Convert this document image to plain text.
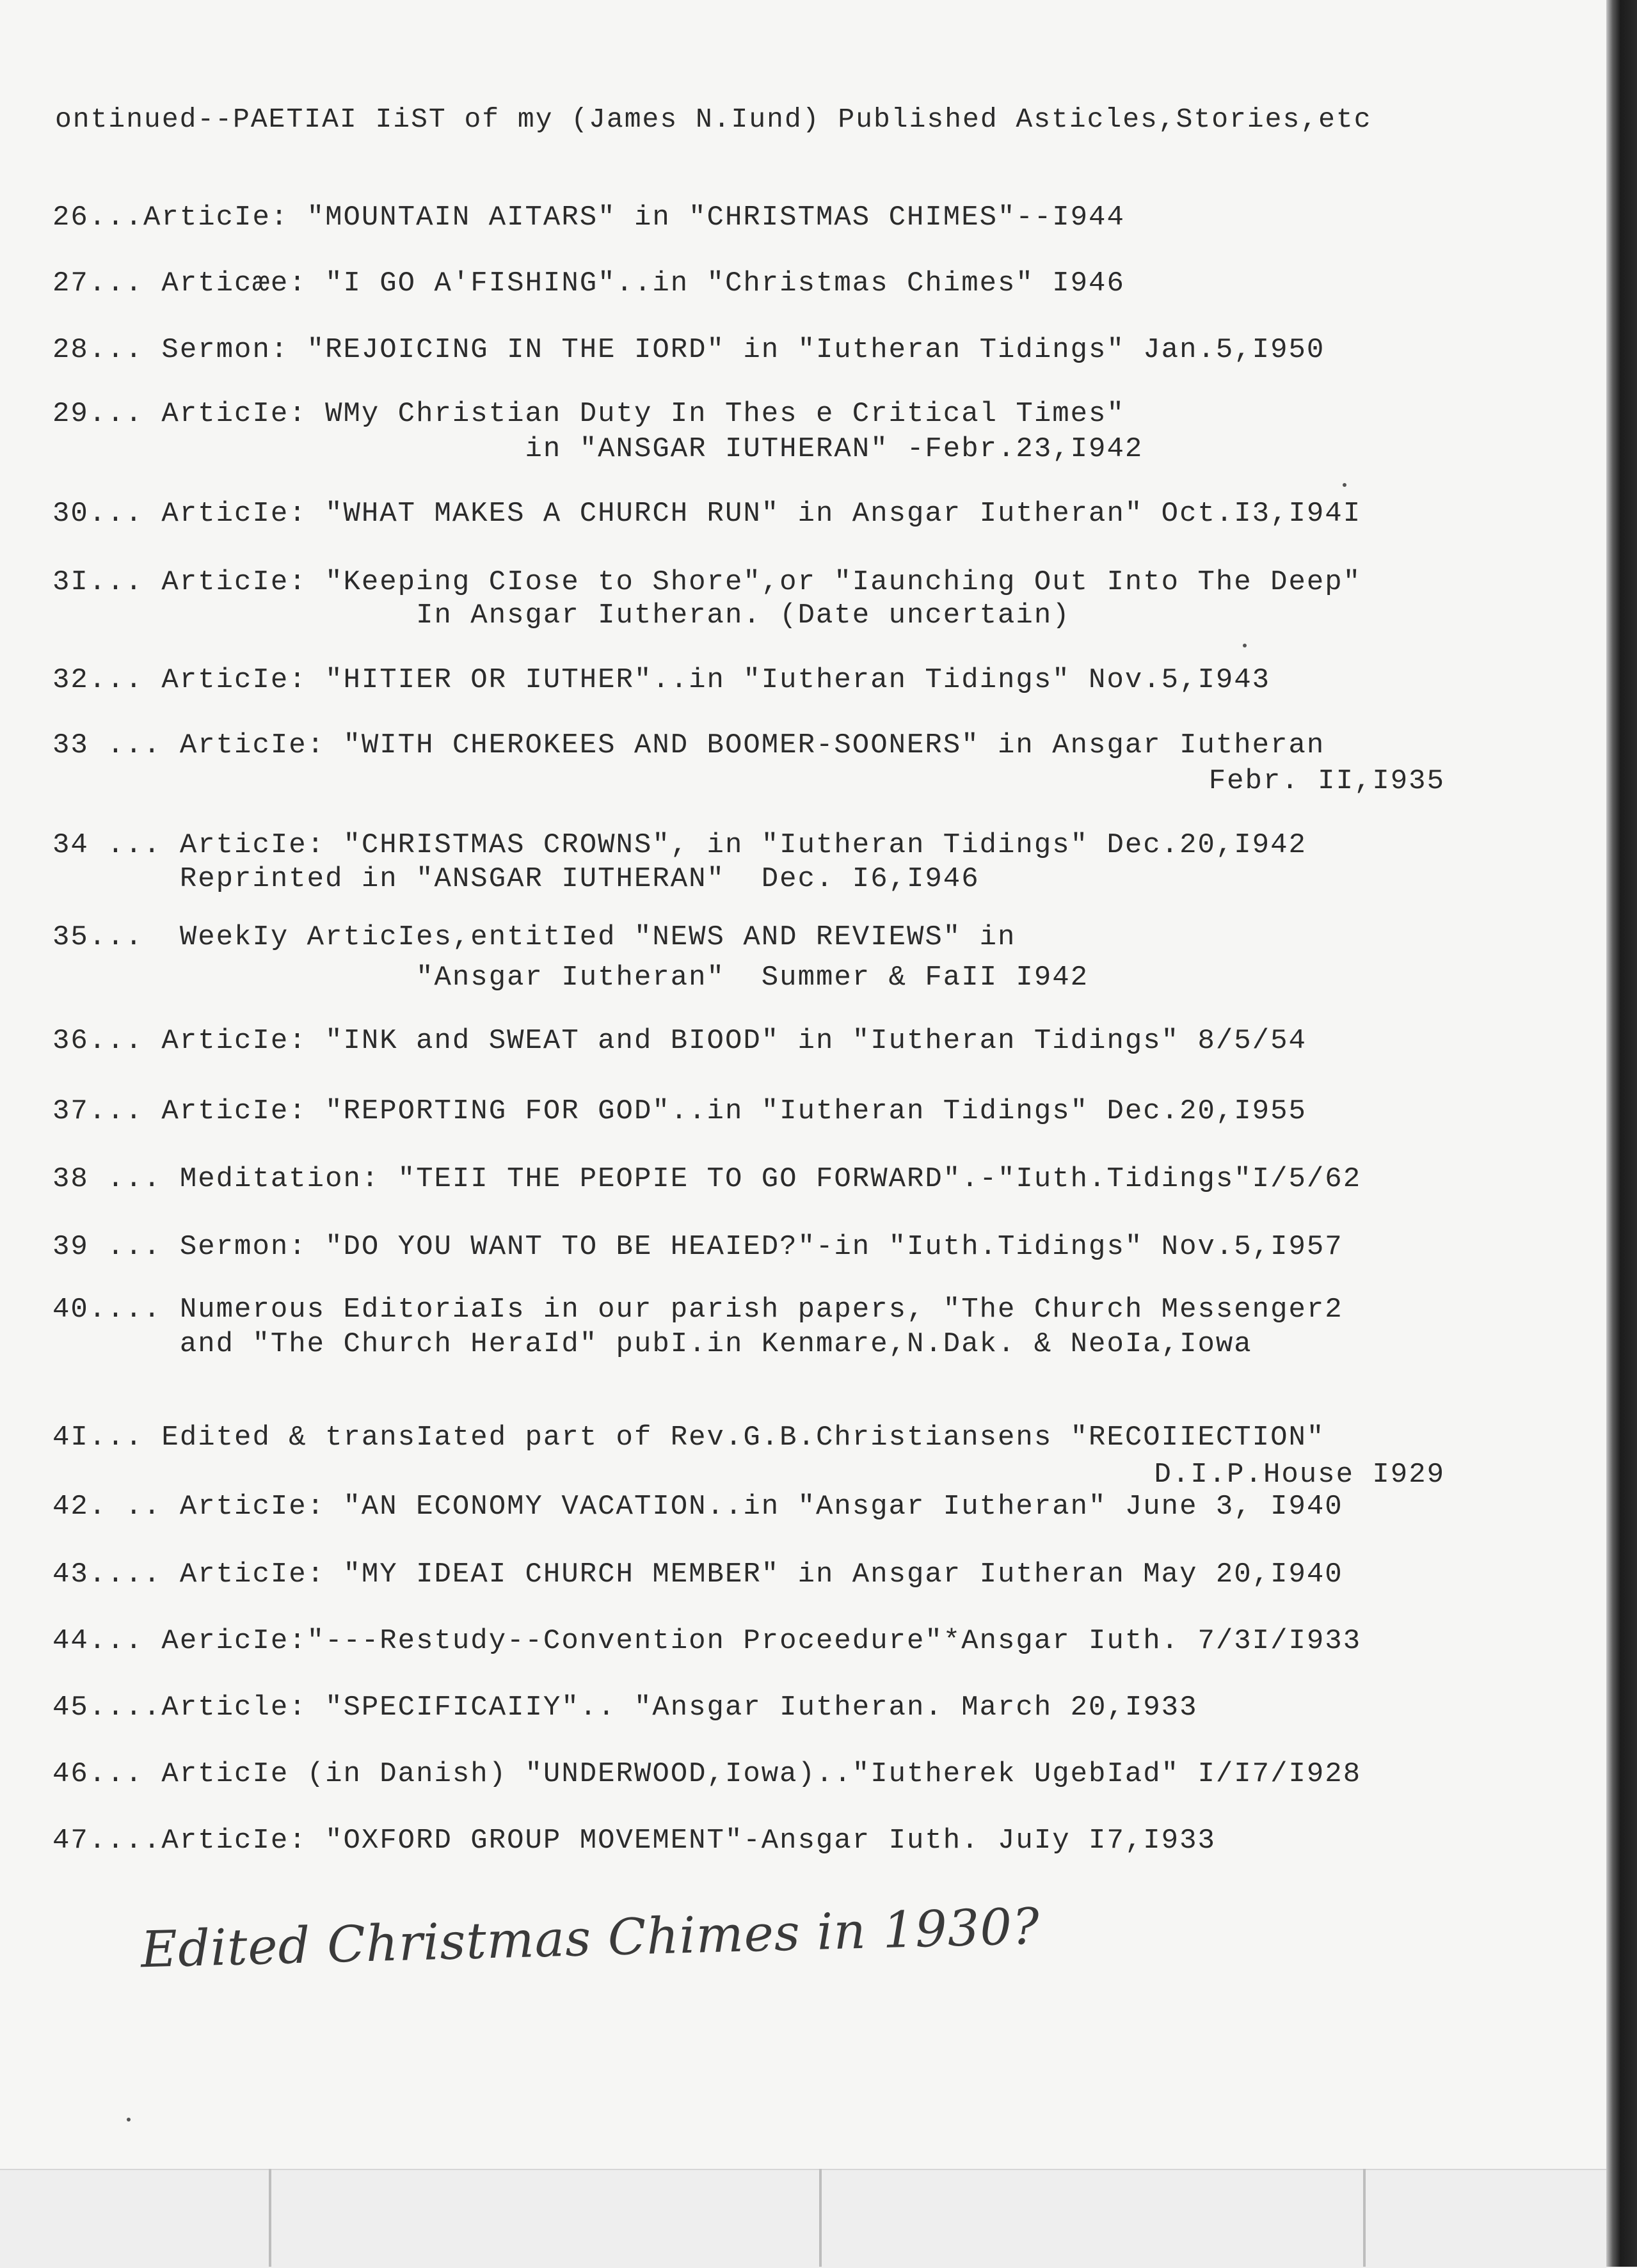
ontinued--PAETIAI IiST of my (James N.Iund) Published Asticles,Stories,etc
26...ArticIe: "MOUNTAIN AITARS" in "CHRISTMAS CHIMES"--I944
27... Articæe: "I GO A'FISHING"..in "Christmas Chimes" I946
28... Sermon: "REJOICING IN THE IORD" in "Iutheran Tidings" Jan.5,I950
29... ArticIe: WMy Christian Duty In Thes e Critical Times"
in "ANSGAR IUTHERAN" -Febr.23,I942
30... ArticIe: "WHAT MAKES A CHURCH RUN" in Ansgar Iutheran" Oct.I3,I94I
3I... ArticIe: "Keeping CIose to Shore",or "Iaunching Out Into The Deep"
In Ansgar Iutheran. (Date uncertain)
32... ArticIe: "HITIER OR IUTHER"..in "Iutheran Tidings" Nov.5,I943
33 ... ArticIe: "WITH CHEROKEES AND BOOMER-SOONERS" in Ansgar Iutheran
Febr. II,I935
34 ... ArticIe: "CHRISTMAS CROWNS", in "Iutheran Tidings" Dec.20,I942
Reprinted in "ANSGAR IUTHERAN"  Dec. I6,I946
35...  WeekIy ArticIes,entitIed "NEWS AND REVIEWS" in
"Ansgar Iutheran"  Summer & FaII I942
36... ArticIe: "INK and SWEAT and BIOOD" in "Iutheran Tidings" 8/5/54
37... ArticIe: "REPORTING FOR GOD"..in "Iutheran Tidings" Dec.20,I955
38 ... Meditation: "TEII THE PEOPIE TO GO FORWARD".-"Iuth.Tidings"I/5/62
39 ... Sermon: "DO YOU WANT TO BE HEAIED?"-in "Iuth.Tidings" Nov.5,I957
40.... Numerous EditoriaIs in our parish papers, "The Church Messenger2
and "The Church HeraId" pubI.in Kenmare,N.Dak. & NeoIa,Iowa
4I... Edited & transIated part of Rev.G.B.Christiansens "RECOIIECTION"
D.I.P.House I929
42. .. ArticIe: "AN ECONOMY VACATION..in "Ansgar Iutheran" June 3, I940
43.... ArticIe: "MY IDEAI CHURCH MEMBER" in Ansgar Iutheran May 20,I940
44... AericIe:"---Restudy--Convention Proceedure"*Ansgar Iuth. 7/3I/I933
45....Article: "SPECIFICAIIY".. "Ansgar Iutheran. March 20,I933
46... ArticIe (in Danish) "UNDERWOOD,Iowa).."Iutherek UgebIad" I/I7/I928
47....ArticIe: "OXFORD GROUP MOVEMENT"-Ansgar Iuth. JuIy I7,I933
Edited Christmas Chimes in 1930?
